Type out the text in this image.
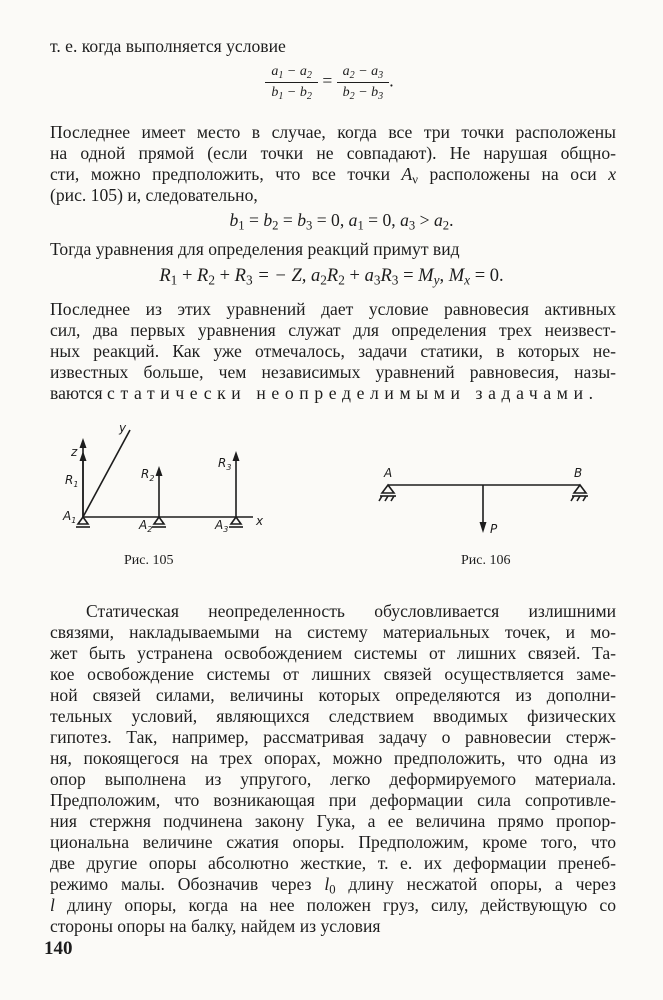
т. е. когда выполняется условие
$\frac{a_1 - a_2}{b_1 - b_2} = \frac{a_2 - a_3}{b_2 - b_3}$ .
Последнее имеет место в случае, когда все три точки расположены
на одной прямой (если точки не совпадают). Не нарушая общно-
сти, можно предположить, что все точки $A_\nu$ расположены на оси x
(рис. 105) и, следовательно,
$b_1 = b_2 = b_3 = 0$, $a_1 = 0$, $a_3 > a_2$.
Тогда уравнения для определения реакций примут вид
$R_1 + R_2 + R_3$ = − Z, $a_2R_2 + a_3R_3 = M_y$, $M_x = 0$.
Последнее из этих уравнений дает условие равновесия активных
сил, два первых уравнения служат для определения трех неизвест-
ных реакций. Как уже отмечалось, задачи статики, в которых не-
известных больше, чем независимых уравнений равновесия, назы-
ваются статически неопределимыми задачами.
z
y
x
$R_1$
$R_2$
$R_3$
$A_1$	$A_2$	$A_3$
Рис. 105
A	B
P
Рис. 106
Статическая неопределенность обусловливается излишними
связями, накладываемыми на систему материальных точек, и мо-
жет быть устранена освобождением системы от лишних связей. Та-
кое освобождение системы от лишних связей осуществляется заме-
ной связей силами, величины которых определяются из дополни-
тельных условий, являющихся следствием вводимых физических
гипотез. Так, например, рассматривая задачу о равновесии стерж-
ня, покоящегося на трех опорах, можно предположить, что одна из
опор выполнена из упругого, легко деформируемого материала.
Предположим, что возникающая при деформации сила сопротивле-
ния стержня подчинена закону Гука, а ее величина прямо пропор-
циональна величине сжатия опоры. Предположим, кроме того, что
две другие опоры абсолютно жесткие, т. е. их деформации пренеб-
режимо малы. Обозначив через $l_0$ длину несжатой опоры, а через
l длину опоры, когда на нее положен груз, силу, действующую со
стороны опоры на балку, найдем из условия
140
